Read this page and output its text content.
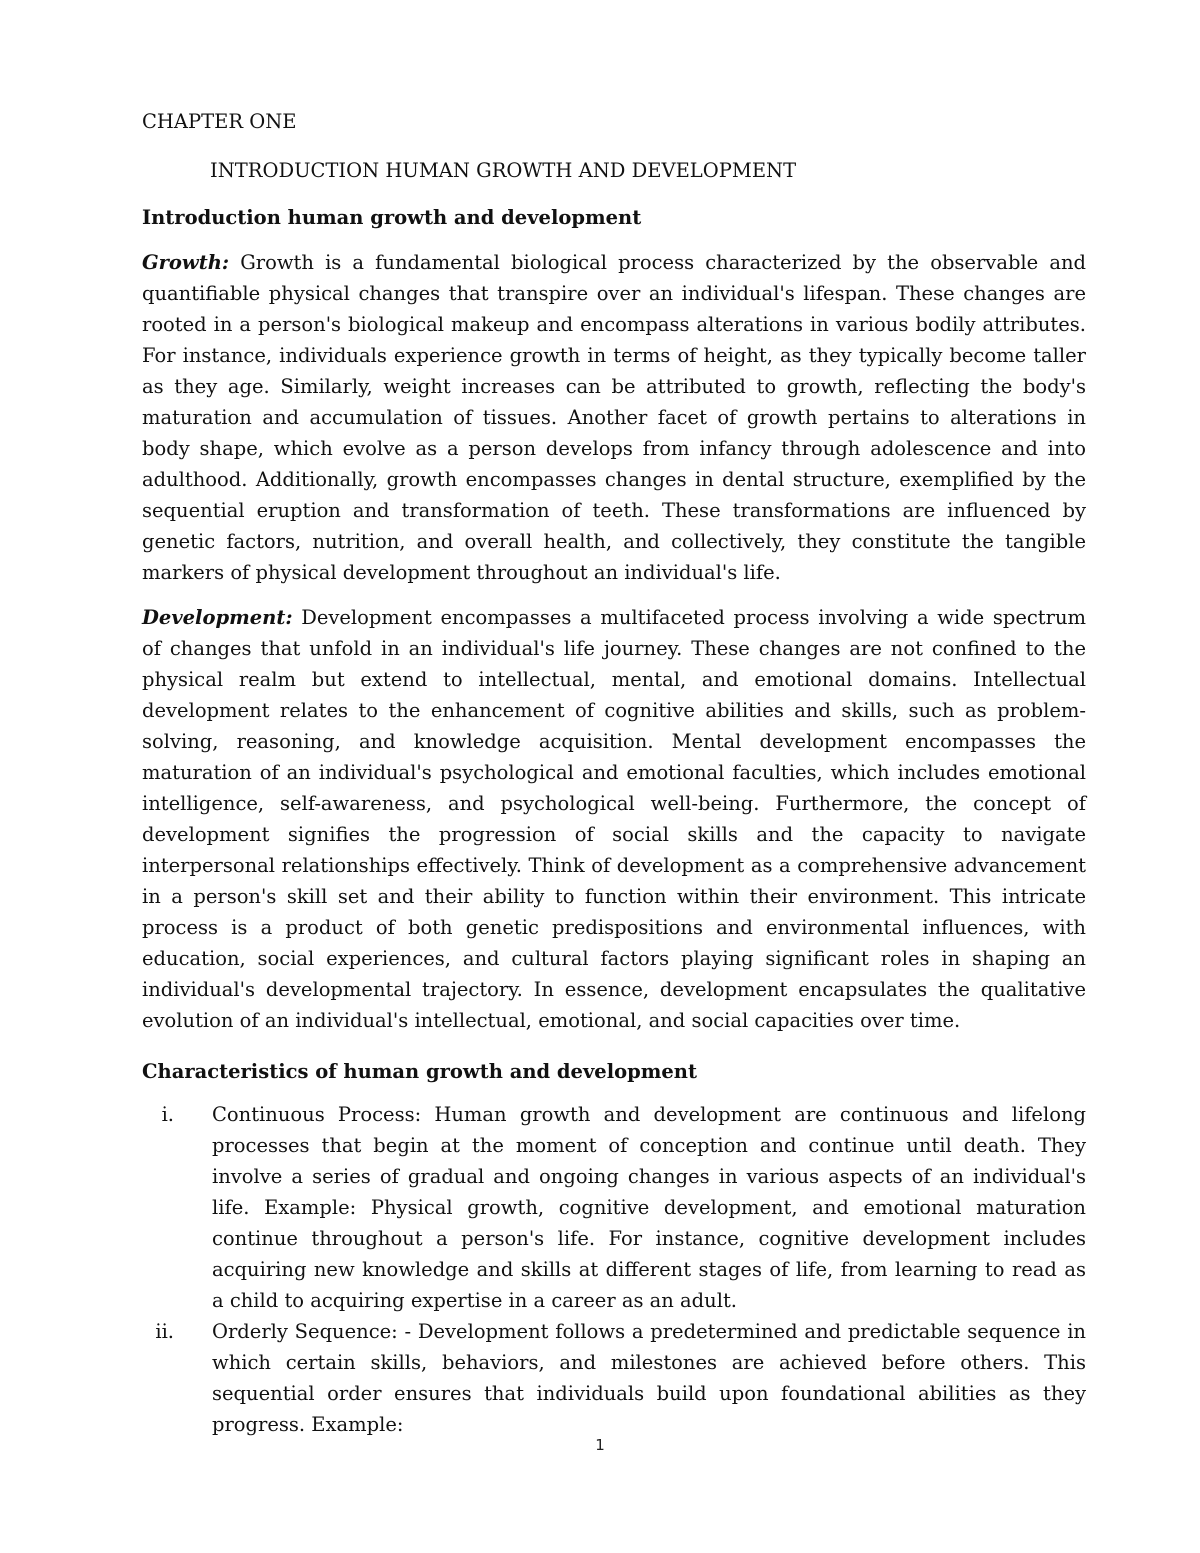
CHAPTER ONE
INTRODUCTION HUMAN GROWTH AND DEVELOPMENT
Introduction human growth and development

Growth: Growth is a fundamental biological process characterized by the observable and quantifiable physical changes that transpire over an individual's lifespan. These changes are rooted in a person's biological makeup and encompass alterations in various bodily attributes. For instance, individuals experience growth in terms of height, as they typically become taller as they age. Similarly, weight increases can be attributed to growth, reflecting the body's maturation and accumulation of tissues. Another facet of growth pertains to alterations in body shape, which evolve as a person develops from infancy through adolescence and into adulthood. Additionally, growth encompasses changes in dental structure, exemplified by the sequential eruption and transformation of teeth. These transformations are influenced by genetic factors, nutrition, and overall health, and collectively, they constitute the tangible markers of physical development throughout an individual's life.

Development: Development encompasses a multifaceted process involving a wide spectrum of changes that unfold in an individual's life journey. These changes are not confined to the physical realm but extend to intellectual, mental, and emotional domains. Intellectual development relates to the enhancement of cognitive abilities and skills, such as problem-solving, reasoning, and knowledge acquisition. Mental development encompasses the maturation of an individual's psychological and emotional faculties, which includes emotional intelligence, self-awareness, and psychological well-being. Furthermore, the concept of development signifies the progression of social skills and the capacity to navigate interpersonal relationships effectively. Think of development as a comprehensive advancement in a person's skill set and their ability to function within their environment. This intricate process is a product of both genetic predispositions and environmental influences, with education, social experiences, and cultural factors playing significant roles in shaping an individual's developmental trajectory. In essence, development encapsulates the qualitative evolution of an individual's intellectual, emotional, and social capacities over time.

Characteristics of human growth and development
i. Continuous Process: Human growth and development are continuous and lifelong processes that begin at the moment of conception and continue until death. They involve a series of gradual and ongoing changes in various aspects of an individual's life. Example: Physical growth, cognitive development, and emotional maturation continue throughout a person's life. For instance, cognitive development includes acquiring new knowledge and skills at different stages of life, from learning to read as a child to acquiring expertise in a career as an adult.
ii. Orderly Sequence: - Development follows a predetermined and predictable sequence in which certain skills, behaviors, and milestones are achieved before others. This sequential order ensures that individuals build upon foundational abilities as they progress. Example:
1
